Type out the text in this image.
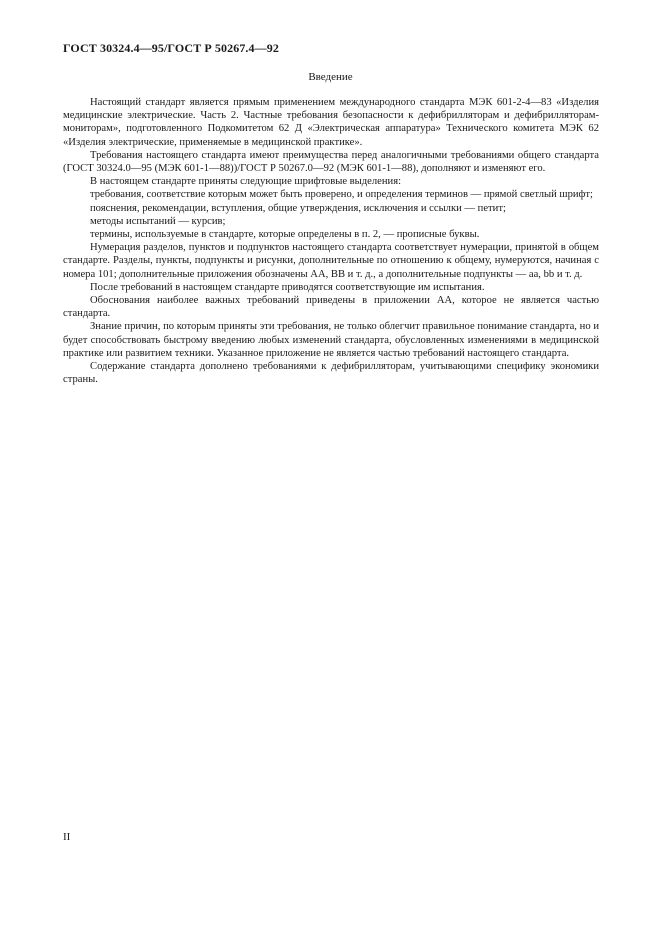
ГОСТ 30324.4—95/ГОСТ Р 50267.4—92
Введение

Настоящий стандарт является прямым применением международного стандарта МЭК 601-2-4—83 «Изделия медицинские электрические. Часть 2. Частные требования безопасности к дефибрилляторам и дефибрилляторам-мониторам», подготовленного Подкомитетом 62 Д «Электрическая аппаратура» Технического комитета МЭК 62 «Изделия электрические, применяемые в медицинской практике».

Требования настоящего стандарта имеют преимущества перед аналогичными требованиями общего стандарта (ГОСТ 30324.0—95 (МЭК 601-1—88))/ГОСТ Р 50267.0—92 (МЭК 601-1—88), дополняют и изменяют его.

В настоящем стандарте приняты следующие шрифтовые выделения:

требования, соответствие которым может быть проверено, и определения терминов — прямой светлый шрифт;

пояснения, рекомендации, вступления, общие утверждения, исключения и ссылки — петит;

методы испытаний — курсив;

термины, используемые в стандарте, которые определены в п. 2, — прописные буквы.

Нумерация разделов, пунктов и подпунктов настоящего стандарта соответствует нумерации, принятой в общем стандарте. Разделы, пункты, подпункты и рисунки, дополнительные по отношению к общему, нумеруются, начиная с номера 101; дополнительные приложения обозначены АА, ВВ и т. д., а дополнительные подпункты — аа, bb и т. д.

После требований в настоящем стандарте приводятся соответствующие им испытания.

Обоснования наиболее важных требований приведены в приложении АА, которое не является частью стандарта.

Знание причин, по которым приняты эти требования, не только облегчит правильное понимание стандарта, но и будет способствовать быстрому введению любых изменений стандарта, обусловленных изменениями в медицинской практике или развитием техники. Указанное приложение не является частью требований настоящего стандарта.

Содержание стандарта дополнено требованиями к дефибрилляторам, учитывающими специфику экономики страны.

II
